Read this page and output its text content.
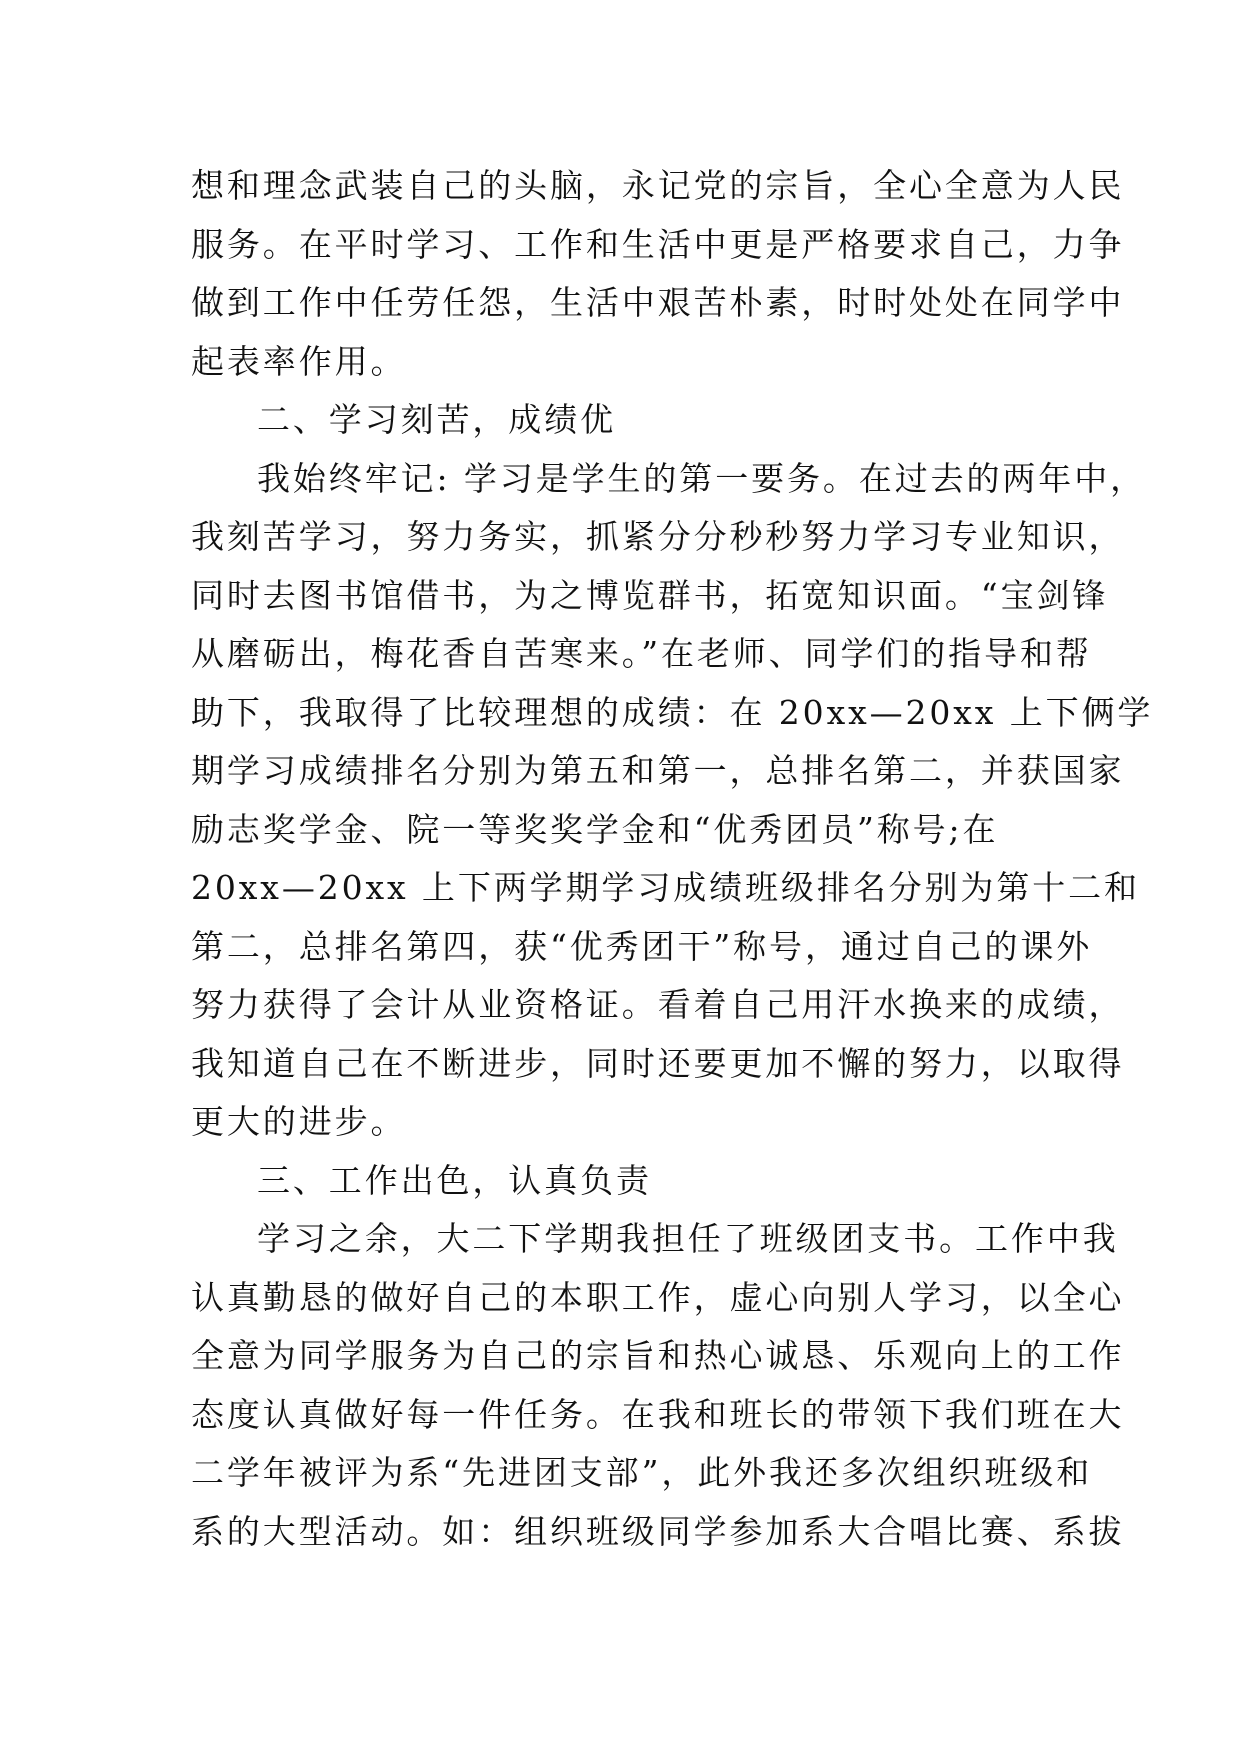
想和理念武装自己的头脑，永记党的宗旨，全心全意为人民
服务。在平时学习、工作和生活中更是严格要求自己，力争
做到工作中任劳任怨，生活中艰苦朴素，时时处处在同学中
起表率作用。
二、学习刻苦，成绩优
我始终牢记: 学习是学生的第一要务。在过去的两年中，
我刻苦学习，努力务实，抓紧分分秒秒努力学习专业知识，
同时去图书馆借书，为之博览群书，拓宽知识面。“宝剑锋
从磨砺出，梅花香自苦寒来。”在老师、同学们的指导和帮
助下，我取得了比较理想的成绩：在 20xx—20xx 上下俩学
期学习成绩排名分别为第五和第一，总排名第二，并获国家
励志奖学金、院一等奖奖学金和“优秀团员”称号;在
20xx—20xx 上下两学期学习成绩班级排名分别为第十二和
第二，总排名第四，获“优秀团干”称号，通过自己的课外
努力获得了会计从业资格证。看着自己用汗水换来的成绩，
我知道自己在不断进步，同时还要更加不懈的努力，以取得
更大的进步。
三、工作出色，认真负责
学习之余，大二下学期我担任了班级团支书。工作中我
认真勤恳的做好自己的本职工作，虚心向别人学习，以全心
全意为同学服务为自己的宗旨和热心诚恳、乐观向上的工作
态度认真做好每一件任务。在我和班长的带领下我们班在大
二学年被评为系“先进团支部”，此外我还多次组织班级和
系的大型活动。如：组织班级同学参加系大合唱比赛、系拔
